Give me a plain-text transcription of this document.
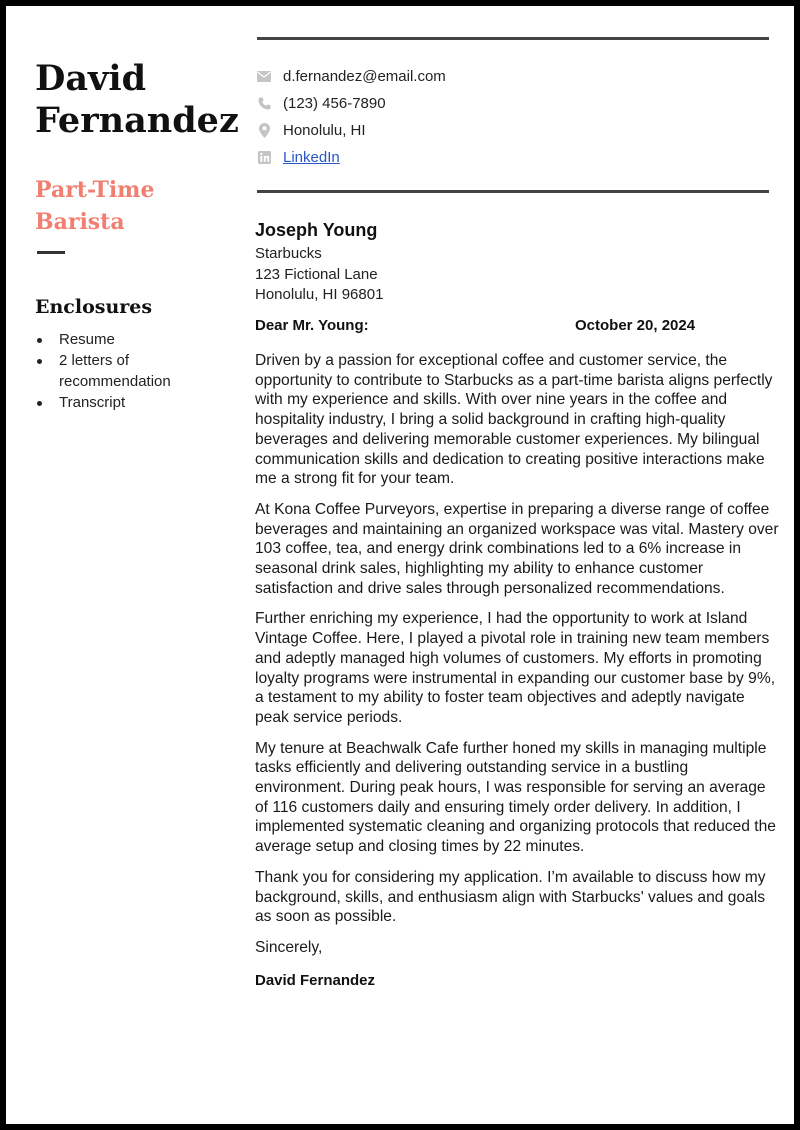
David Fernandez
Part-Time Barista
Enclosures
Resume
2 letters of recommendation
Transcript
d.fernandez@email.com
(123) 456-7890
Honolulu, HI
LinkedIn
Joseph Young
Starbucks
123 Fictional Lane
Honolulu, HI 96801
Dear Mr. Young:	October 20, 2024

Driven by a passion for exceptional coffee and customer service, the opportunity to contribute to Starbucks as a part-time barista aligns perfectly with my experience and skills. With over nine years in the coffee and hospitality industry, I bring a solid background in crafting high-quality beverages and delivering memorable customer experiences. My bilingual communication skills and dedication to creating positive interactions make me a strong fit for your team.

At Kona Coffee Purveyors, expertise in preparing a diverse range of coffee beverages and maintaining an organized workspace was vital. Mastery over 103 coffee, tea, and energy drink combinations led to a 6% increase in seasonal drink sales, highlighting my ability to enhance customer satisfaction and drive sales through personalized recommendations.

Further enriching my experience, I had the opportunity to work at Island Vintage Coffee. Here, I played a pivotal role in training new team members and adeptly managed high volumes of customers. My efforts in promoting loyalty programs were instrumental in expanding our customer base by 9%, a testament to my ability to foster team objectives and adeptly navigate peak service periods.

My tenure at Beachwalk Cafe further honed my skills in managing multiple tasks efficiently and delivering outstanding service in a bustling environment. During peak hours, I was responsible for serving an average of 116 customers daily and ensuring timely order delivery. In addition, I implemented systematic cleaning and organizing protocols that reduced the average setup and closing times by 22 minutes.

Thank you for considering my application. I’m available to discuss how my background, skills, and enthusiasm align with Starbucks' values and goals as soon as possible.

Sincerely,
David Fernandez
